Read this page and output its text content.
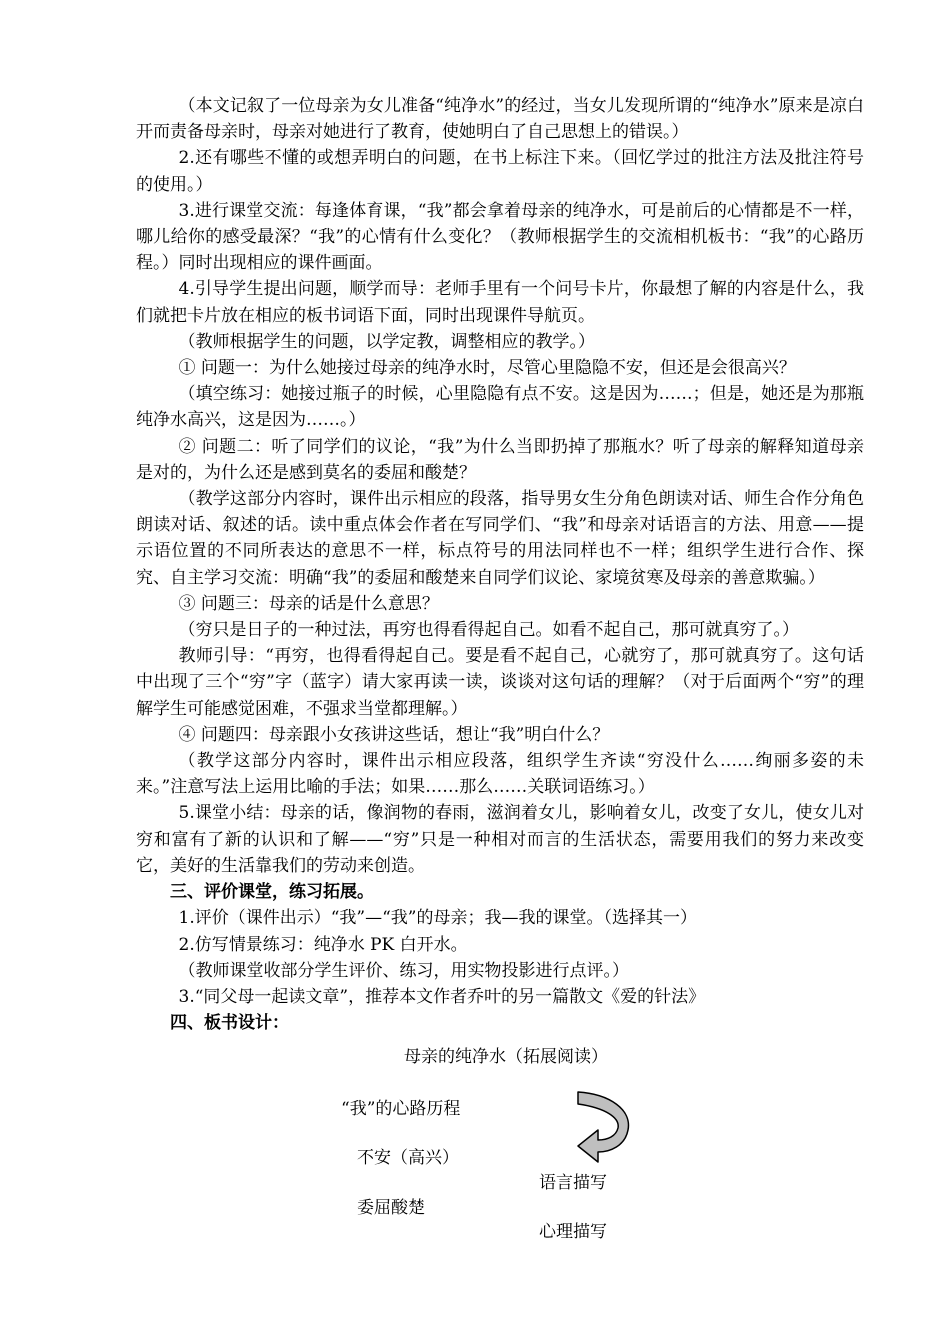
（本文记叙了一位母亲为女儿准备“纯净水”的经过，当女儿发现所谓的“纯净水”原来是凉白开而责备母亲时，母亲对她进行了教育，使她明白了自己思想上的错误。）

2.还有哪些不懂的或想弄明白的问题，在书上标注下来。（回忆学过的批注方法及批注符号的使用。）

3.进行课堂交流：每逢体育课，“我”都会拿着母亲的纯净水，可是前后的心情都是不一样，哪儿给你的感受最深？“我”的心情有什么变化？（教师根据学生的交流相机板书：“我”的心路历程。）同时出现相应的课件画面。

4.引导学生提出问题，顺学而导：老师手里有一个问号卡片，你最想了解的内容是什么，我们就把卡片放在相应的板书词语下面，同时出现课件导航页。

（教师根据学生的问题，以学定教，调整相应的教学。）

① 问题一：为什么她接过母亲的纯净水时，尽管心里隐隐不安，但还是会很高兴？

（填空练习：她接过瓶子的时候，心里隐隐有点不安。这是因为……；但是，她还是为那瓶纯净水高兴，这是因为……。）

② 问题二：听了同学们的议论，“我”为什么当即扔掉了那瓶水？听了母亲的解释知道母亲是对的，为什么还是感到莫名的委屈和酸楚？

（教学这部分内容时，课件出示相应的段落，指导男女生分角色朗读对话、师生合作分角色朗读对话、叙述的话。读中重点体会作者在写同学们、“我”和母亲对话语言的方法、用意——提示语位置的不同所表达的意思不一样，标点符号的用法同样也不一样；组织学生进行合作、探究、自主学习交流：明确“我”的委屈和酸楚来自同学们议论、家境贫寒及母亲的善意欺骗。）

③ 问题三：母亲的话是什么意思？

（穷只是日子的一种过法，再穷也得看得起自己。如看不起自己，那可就真穷了。）

教师引导：“再穷，也得看得起自己。要是看不起自己，心就穷了，那可就真穷了。这句话中出现了三个“穷”字（蓝字）请大家再读一读，谈谈对这句话的理解？（对于后面两个“穷”的理解学生可能感觉困难，不强求当堂都理解。）

④ 问题四：母亲跟小女孩讲这些话，想让“我”明白什么？

（教学这部分内容时，课件出示相应段落，组织学生齐读“穷没什么……绚丽多姿的未来。”注意写法上运用比喻的手法；如果……那么……关联词语练习。）

5.课堂小结：母亲的话，像润物的春雨，滋润着女儿，影响着女儿，改变了女儿，使女儿对穷和富有了新的认识和了解——“穷”只是一种相对而言的生活状态，需要用我们的努力来改变它，美好的生活靠我们的劳动来创造。

三、评价课堂，练习拓展。

1.评价（课件出示）“我”—“我”的母亲；我—我的课堂。（选择其一）

2.仿写情景练习：纯净水 PK 白开水。

（教师课堂收部分学生评价、练习，用实物投影进行点评。）

3.“同父母一起读文章”，推荐本文作者乔叶的另一篇散文《爱的针法》

四、板书设计：

母亲的纯净水（拓展阅读）
“我”的心路历程
不安（高兴）
委屈酸楚
语言描写
心理描写
